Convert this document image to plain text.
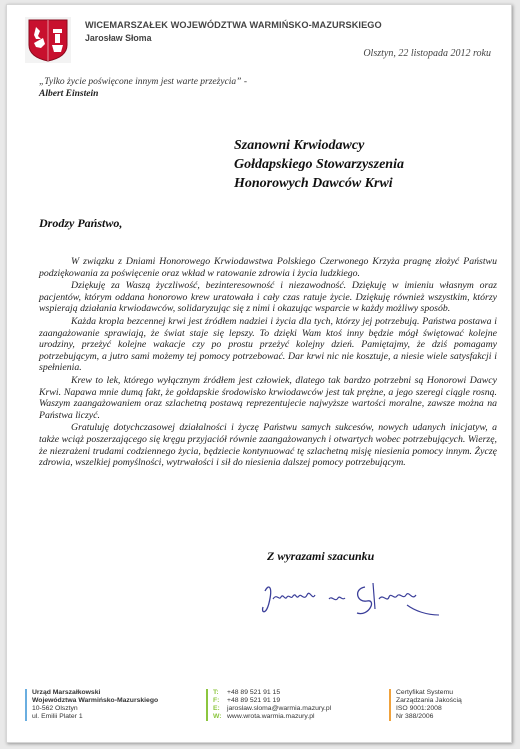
WICEMARSZAŁEK WOJEWÓDZTWA WARMIŃSKO-MAZURSKIEGO
Jarosław Słoma
Olsztyn, 22 listopada 2012 roku
„Tylko życie poświęcone innym jest warte przeżycia” -
Albert Einstein
Szanowni Krwiodawcy
Gołdapskiego Stowarzyszenia
Honorowych Dawców Krwi
Drodzy Państwo,

W związku z Dniami Honorowego Krwiodawstwa Polskiego Czerwonego Krzyża pragnę złożyć Państwu podziękowania za poświęcenie oraz wkład w ratowanie zdrowia i życia ludzkiego.

Dziękuję za Waszą życzliwość, bezinteresowność i niezawodność. Dziękuję w imieniu własnym oraz pacjentów, którym oddana honorowo krew uratowała i cały czas ratuje życie. Dziękuję również wszystkim, którzy wspierają działania krwiodawców, solidaryzując się z nimi i okazując wsparcie w każdy możliwy sposób.

Każda kropla bezcennej krwi jest źródłem nadziei i życia dla tych, którzy jej potrzebują. Państwa postawa i zaangażowanie sprawiają, że świat staje się lepszy. To dzięki Wam ktoś inny będzie mógł świętować kolejne urodziny, przeżyć kolejne wakacje czy po prostu przeżyć kolejny dzień. Pamiętajmy, że dziś pomagamy potrzebującym, a jutro sami możemy tej pomocy potrzebować. Dar krwi nic nie kosztuje, a niesie wiele satysfakcji i spełnienia.

Krew to lek, którego wyłącznym źródłem jest człowiek, dlatego tak bardzo potrzebni są Honorowi Dawcy Krwi. Napawa mnie dumą fakt, że gołdapskie środowisko krwiodawców jest tak prężne, a jego szeregi ciągle rosną. Waszym zaangażowaniem oraz szlachetną postawą reprezentujecie najwyższe wartości moralne, zawsze można na Państwa liczyć.

Gratuluję dotychczasowej działalności i życzę Państwu samych sukcesów, nowych udanych inicjatyw, a także wciąż poszerzającego się kręgu przyjaciół równie zaangażowanych i otwartych wobec potrzebujących. Wierzę, że niezrażeni trudami codziennego życia, będziecie kontynuować tę szlachetną misję niesienia pomocy innym. Życzę zdrowia, wszelkiej pomyślności, wytrwałości i sił do niesienia dalszej pomocy potrzebującym.

Z wyrazami szacunku
Urząd Marszałkowski
Województwa Warmińsko-Mazurskiego
10-562 Olsztyn
ul. Emilii Plater 1
T:	+48 89 521 91 15
F:	+48 89 521 91 19
E:	jaroslaw.sloma@warmia.mazury.pl
W: www.wrota.warmia.mazury.pl
Certyfikat Systemu
Zarządzania Jakością
ISO 9001:2008
Nr 388/2006
